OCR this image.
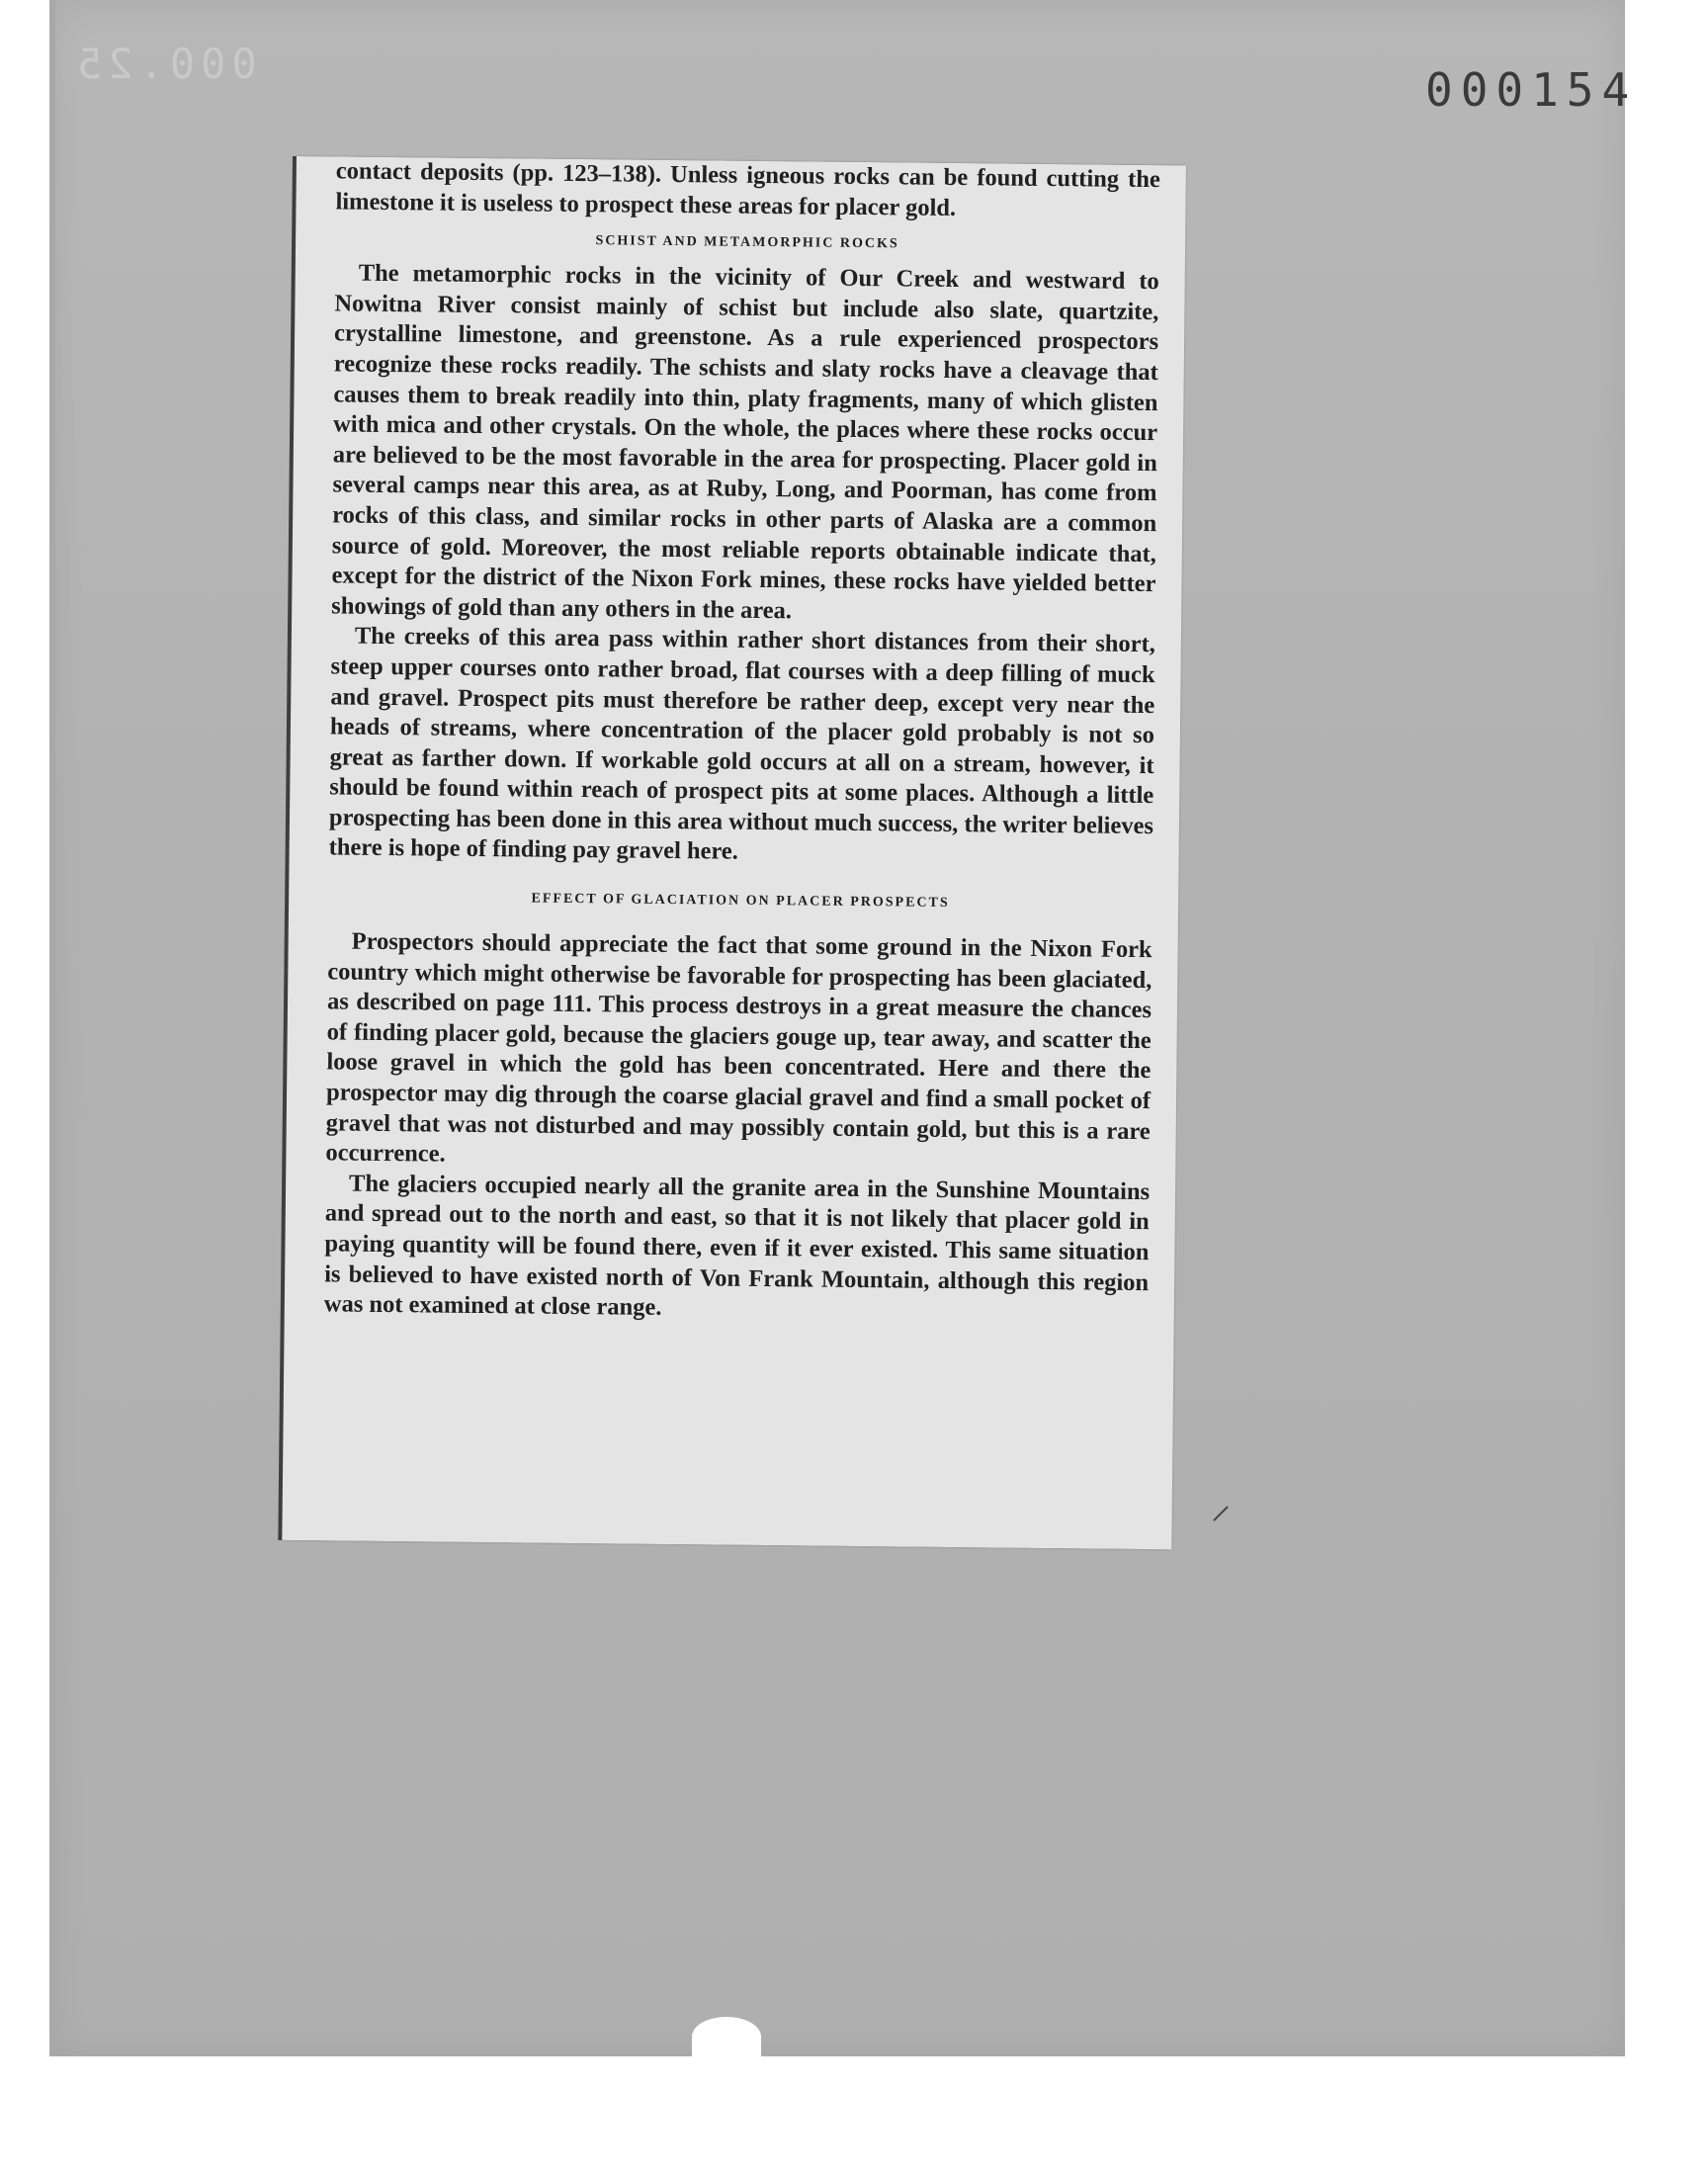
000.25	000154

contact deposits (pp. 123–138). Unless igneous rocks can be found cutting the limestone it is useless to prospect these areas for placer gold.

SCHIST AND METAMORPHIC ROCKS

The metamorphic rocks in the vicinity of Our Creek and westward to Nowitna River consist mainly of schist but include also slate, quartzite, crystalline limestone, and greenstone. As a rule experienced prospectors recognize these rocks readily. The schists and slaty rocks have a cleavage that causes them to break readily into thin, platy fragments, many of which glisten with mica and other crystals. On the whole, the places where these rocks occur are believed to be the most favorable in the area for prospecting. Placer gold in several camps near this area, as at Ruby, Long, and Poorman, has come from rocks of this class, and similar rocks in other parts of Alaska are a common source of gold. Moreover, the most reliable reports obtainable indicate that, except for the district of the Nixon Fork mines, these rocks have yielded better showings of gold than any others in the area.

The creeks of this area pass within rather short distances from their short, steep upper courses onto rather broad, flat courses with a deep filling of muck and gravel. Prospect pits must therefore be rather deep, except very near the heads of streams, where concentration of the placer gold probably is not so great as farther down. If workable gold occurs at all on a stream, however, it should be found within reach of prospect pits at some places. Although a little prospecting has been done in this area without much success, the writer believes there is hope of finding pay gravel here.

EFFECT OF GLACIATION ON PLACER PROSPECTS

Prospectors should appreciate the fact that some ground in the Nixon Fork country which might otherwise be favorable for prospecting has been glaciated, as described on page 111. This process destroys in a great measure the chances of finding placer gold, because the glaciers gouge up, tear away, and scatter the loose gravel in which the gold has been concentrated. Here and there the prospector may dig through the coarse glacial gravel and find a small pocket of gravel that was not disturbed and may possibly contain gold, but this is a rare occurrence.

The glaciers occupied nearly all the granite area in the Sunshine Mountains and spread out to the north and east, so that it is not likely that placer gold in paying quantity will be found there, even if it ever existed. This same situation is believed to have existed north of Von Frank Mountain, although this region was not examined at close range.
